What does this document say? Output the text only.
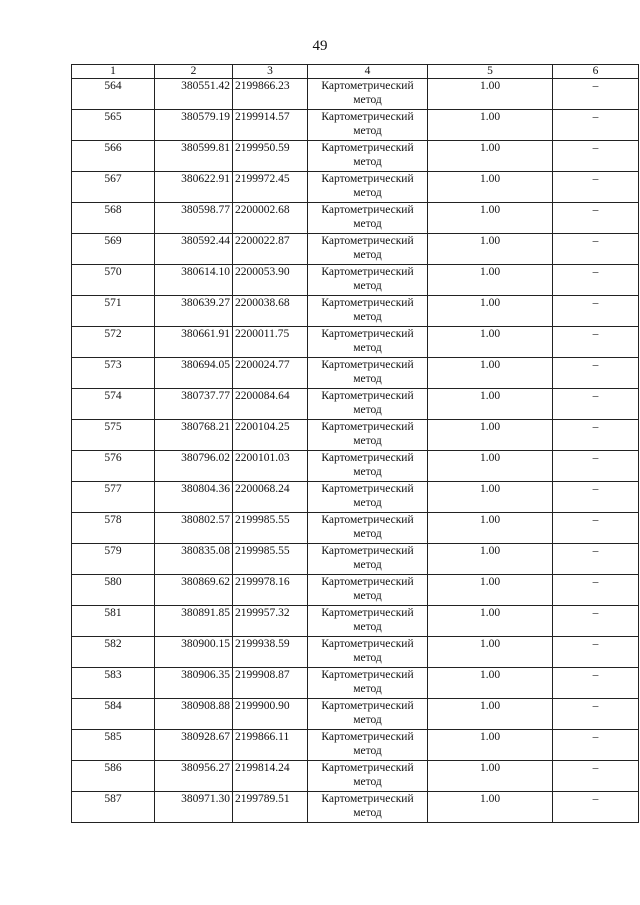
49
1	2	3	4	5	6
564	380551.42	2199866.23	Картометрический метод	1.00	–
565	380579.19	2199914.57	Картометрический метод	1.00	–
566	380599.81	2199950.59	Картометрический метод	1.00	–
567	380622.91	2199972.45	Картометрический метод	1.00	–
568	380598.77	2200002.68	Картометрический метод	1.00	–
569	380592.44	2200022.87	Картометрический метод	1.00	–
570	380614.10	2200053.90	Картометрический метод	1.00	–
571	380639.27	2200038.68	Картометрический метод	1.00	–
572	380661.91	2200011.75	Картометрический метод	1.00	–
573	380694.05	2200024.77	Картометрический метод	1.00	–
574	380737.77	2200084.64	Картометрический метод	1.00	–
575	380768.21	2200104.25	Картометрический метод	1.00	–
576	380796.02	2200101.03	Картометрический метод	1.00	–
577	380804.36	2200068.24	Картометрический метод	1.00	–
578	380802.57	2199985.55	Картометрический метод	1.00	–
579	380835.08	2199985.55	Картометрический метод	1.00	–
580	380869.62	2199978.16	Картометрический метод	1.00	–
581	380891.85	2199957.32	Картометрический метод	1.00	–
582	380900.15	2199938.59	Картометрический метод	1.00	–
583	380906.35	2199908.87	Картометрический метод	1.00	–
584	380908.88	2199900.90	Картометрический метод	1.00	–
585	380928.67	2199866.11	Картометрический метод	1.00	–
586	380956.27	2199814.24	Картометрический метод	1.00	–
587	380971.30	2199789.51	Картометрический метод	1.00	–
